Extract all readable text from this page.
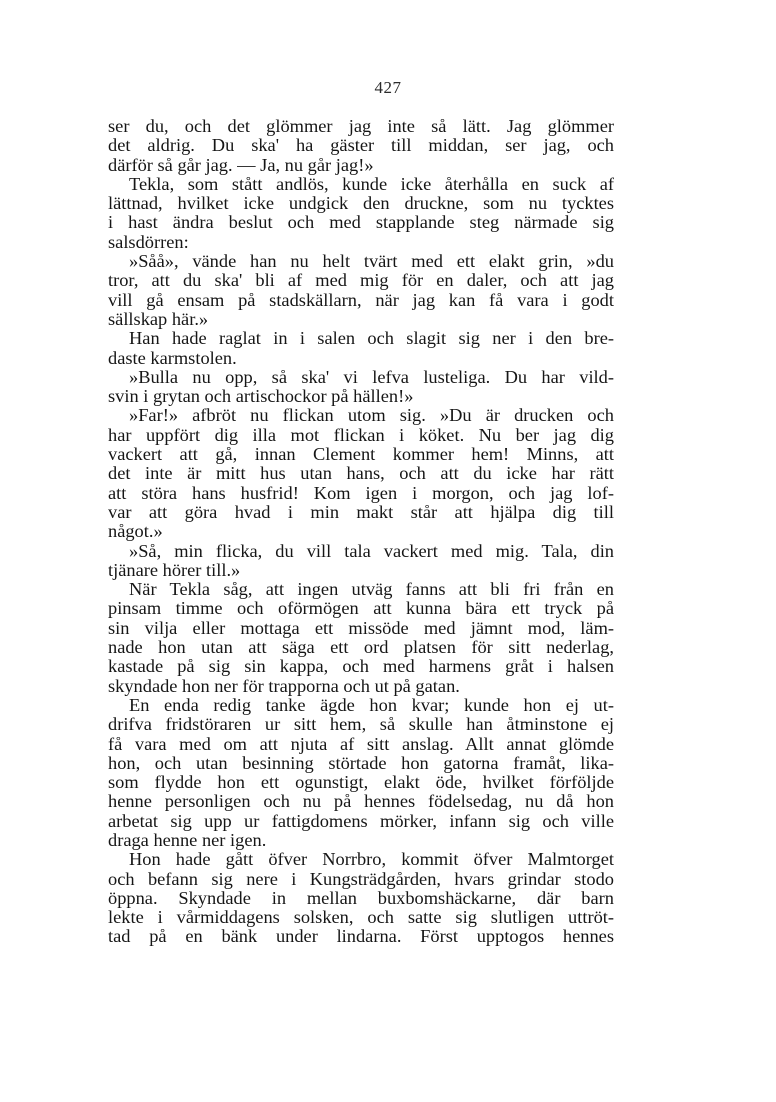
427
ser du, och det glömmer jag inte så lätt. Jag glömmer
det aldrig. Du ska' ha gäster till middan, ser jag, och
därför så går jag. — Ja, nu går jag!»
Tekla, som stått andlös, kunde icke återhålla en suck af
lättnad, hvilket icke undgick den druckne, som nu tycktes
i hast ändra beslut och med stapplande steg närmade sig
salsdörren:
»Såå», vände han nu helt tvärt med ett elakt grin, »du
tror, att du ska' bli af med mig för en daler, och att jag
vill gå ensam på stadskällarn, när jag kan få vara i godt
sällskap här.»
Han hade raglat in i salen och slagit sig ner i den bre-
daste karmstolen.
»Bulla nu opp, så ska' vi lefva lusteliga. Du har vild-
svin i grytan och artischockor på hällen!»
»Far!» afbröt nu flickan utom sig. »Du är drucken och
har uppfört dig illa mot flickan i köket. Nu ber jag dig
vackert att gå, innan Clement kommer hem! Minns, att
det inte är mitt hus utan hans, och att du icke har rätt
att störa hans husfrid! Kom igen i morgon, och jag lof-
var att göra hvad i min makt står att hjälpa dig till
något.»
»Så, min flicka, du vill tala vackert med mig. Tala, din
tjänare hörer till.»
När Tekla såg, att ingen utväg fanns att bli fri från en
pinsam timme och oförmögen att kunna bära ett tryck på
sin vilja eller mottaga ett missöde med jämnt mod, läm-
nade hon utan att säga ett ord platsen för sitt nederlag,
kastade på sig sin kappa, och med harmens gråt i halsen
skyndade hon ner för trapporna och ut på gatan.
En enda redig tanke ägde hon kvar; kunde hon ej ut-
drifva fridstöraren ur sitt hem, så skulle han åtminstone ej
få vara med om att njuta af sitt anslag. Allt annat glömde
hon, och utan besinning störtade hon gatorna framåt, lika-
som flydde hon ett ogunstigt, elakt öde, hvilket förföljde
henne personligen och nu på hennes födelsedag, nu då hon
arbetat sig upp ur fattigdomens mörker, infann sig och ville
draga henne ner igen.
Hon hade gått öfver Norrbro, kommit öfver Malmtorget
och befann sig nere i Kungsträdgården, hvars grindar stodo
öppna. Skyndade in mellan buxbomshäckarne, där barn
lekte i vårmiddagens solsken, och satte sig slutligen uttröt-
tad på en bänk under lindarna. Först upptogos hennes
